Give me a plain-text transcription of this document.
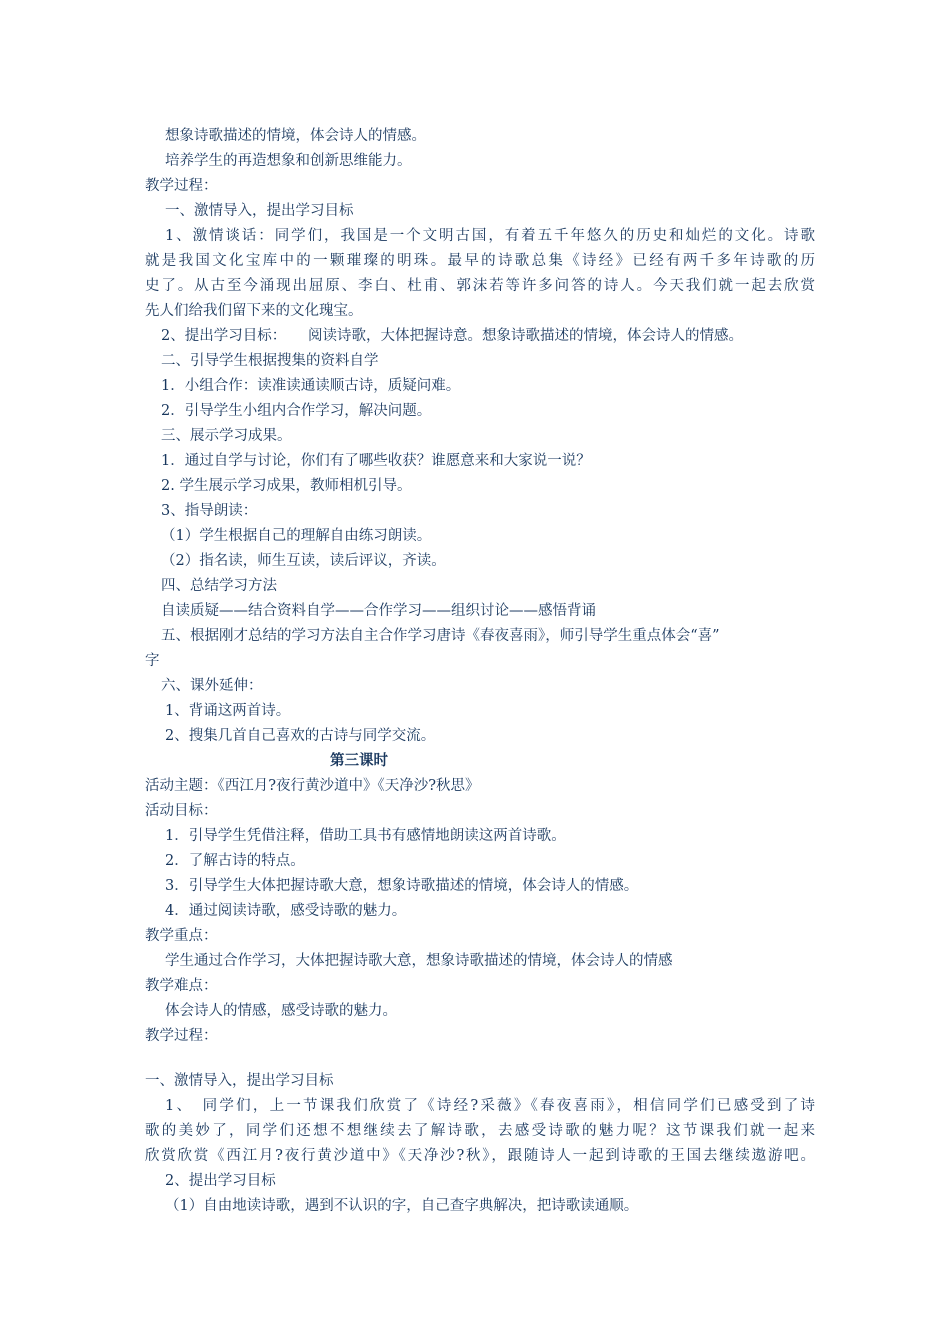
想象诗歌描述的情境，体会诗人的情感。
培养学生的再造想象和创新思维能力。
教学过程：
一、激情导入，提出学习目标
1、激情谈话：同学们，我国是一个文明古国，有着五千年悠久的历史和灿烂的文化。诗歌
就是我国文化宝库中的一颗璀璨的明珠。最早的诗歌总集《诗经》已经有两千多年诗歌的历
史了。从古至今涌现出屈原、李白、杜甫、郭沫若等许多问答的诗人。今天我们就一起去欣赏
先人们给我们留下来的文化瑰宝。
2、提出学习目标：　　阅读诗歌，大体把握诗意。想象诗歌描述的情境，体会诗人的情感。
二、引导学生根据搜集的资料自学
1．小组合作：读准读通读顺古诗，质疑问难。
2．引导学生小组内合作学习，解决问题。
三、展示学习成果。
1．通过自学与讨论，你们有了哪些收获？谁愿意来和大家说一说？
2. 学生展示学习成果，教师相机引导。
3、指导朗读：
（1）学生根据自己的理解自由练习朗读。
（2）指名读，师生互读，读后评议，齐读。
四、总结学习方法
自读质疑——结合资料自学——合作学习——组织讨论——感悟背诵
五、根据刚才总结的学习方法自主合作学习唐诗《春夜喜雨》，师引导学生重点体会“喜”
字
六、课外延伸：
1、背诵这两首诗。
2、搜集几首自己喜欢的古诗与同学交流。
第三课时
活动主题：《西江月?夜行黄沙道中》《天净沙?秋思》
活动目标：
1．引导学生凭借注释，借助工具书有感情地朗读这两首诗歌。
2．了解古诗的特点。
3．引导学生大体把握诗歌大意，想象诗歌描述的情境，体会诗人的情感。
4．通过阅读诗歌，感受诗歌的魅力。
教学重点：
学生通过合作学习，大体把握诗歌大意，想象诗歌描述的情境，体会诗人的情感
教学难点：
体会诗人的情感，感受诗歌的魅力。
教学过程：
一、激情导入，提出学习目标
1、　同学们，上一节课我们欣赏了《诗经?采薇》《春夜喜雨》，相信同学们已感受到了诗
歌的美妙了，同学们还想不想继续去了解诗歌，去感受诗歌的魅力呢？这节课我们就一起来
欣赏欣赏《西江月?夜行黄沙道中》《天净沙?秋》，跟随诗人一起到诗歌的王国去继续遨游吧。
2、提出学习目标
（1）自由地读诗歌，遇到不认识的字，自己查字典解决，把诗歌读通顺。
